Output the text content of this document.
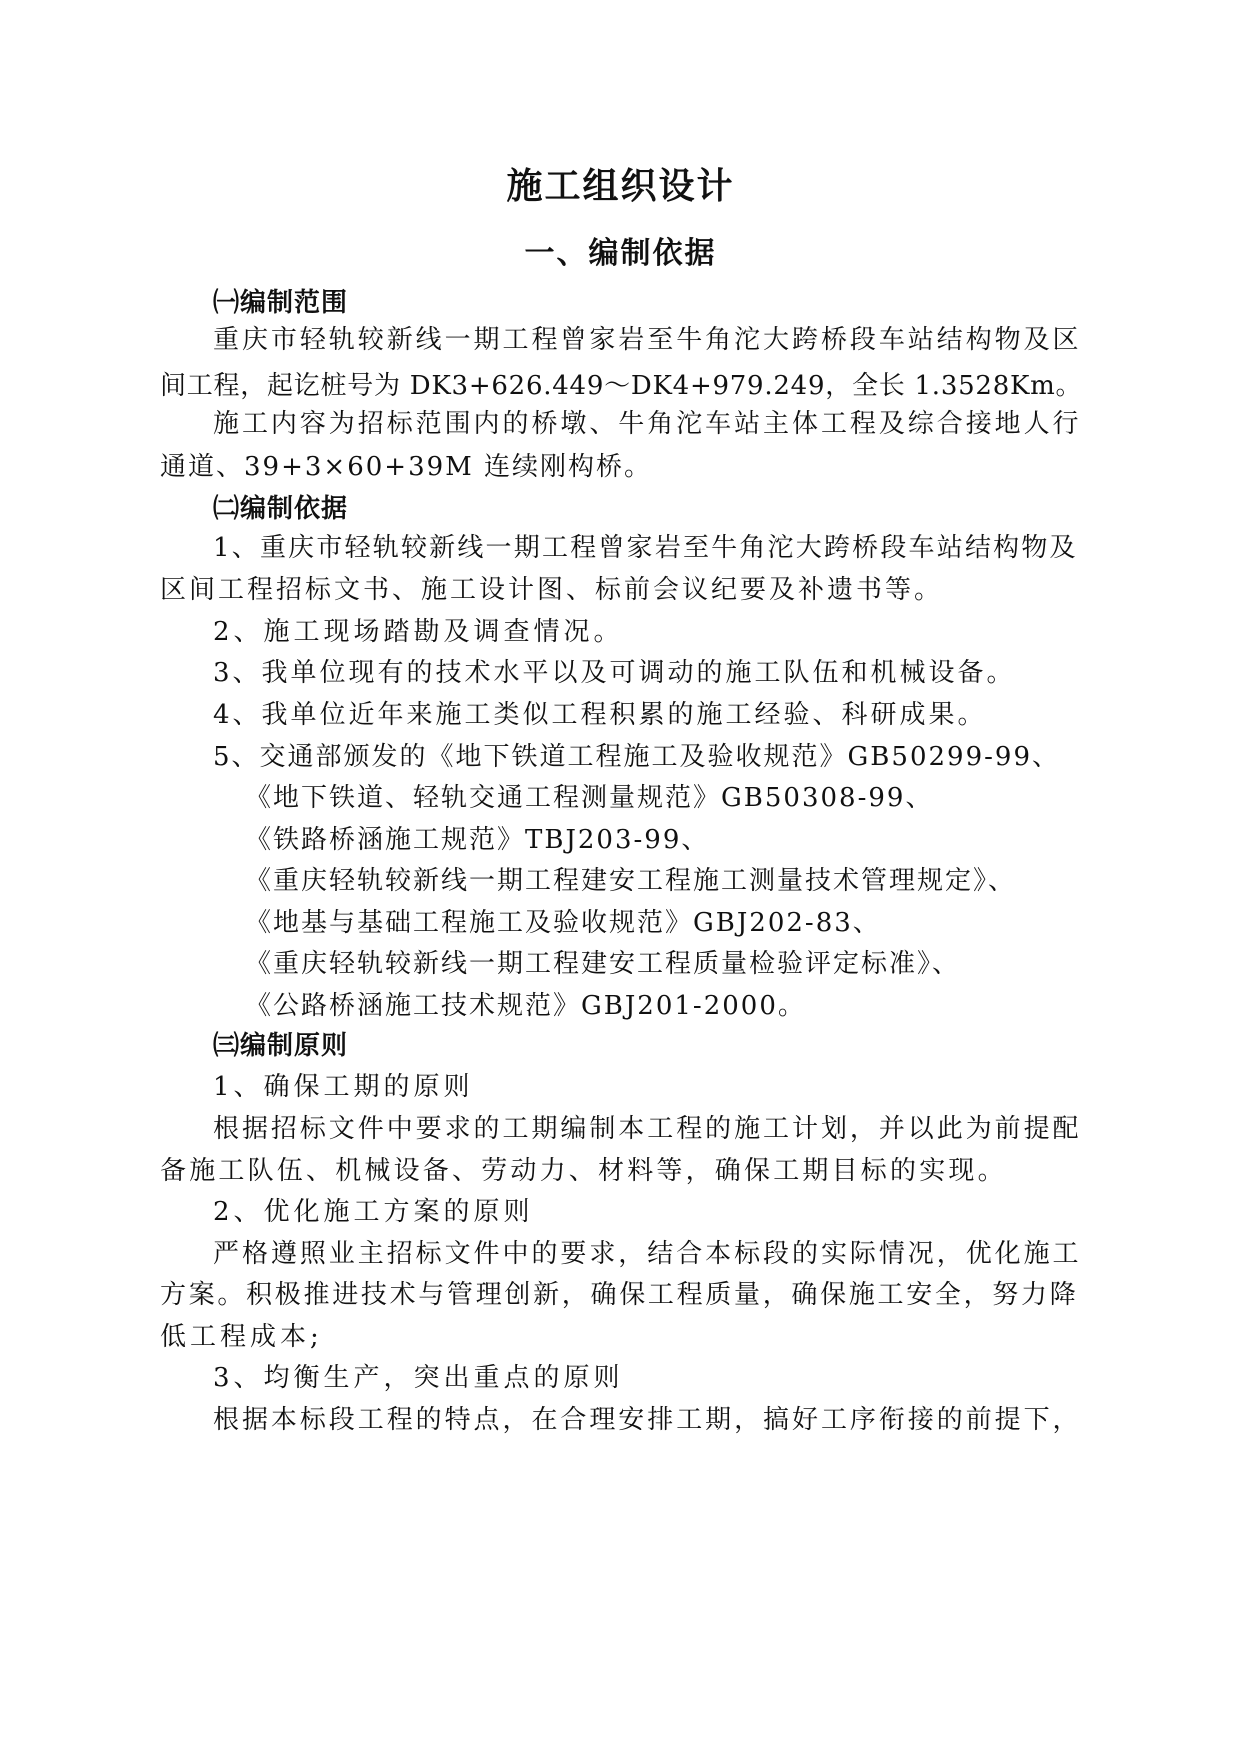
施工组织设计
一、编制依据
㈠编制范围
重庆市轻轨较新线一期工程曾家岩至牛角沱大跨桥段车站结构物及区
间工程，起讫桩号为 DK3+626.449～DK4+979.249，全长 1.3528Km。
施工内容为招标范围内的桥墩、牛角沱车站主体工程及综合接地人行
通道、39+3×60+39M 连续刚构桥。
㈡编制依据
1、重庆市轻轨较新线一期工程曾家岩至牛角沱大跨桥段车站结构物及
区间工程招标文书、施工设计图、标前会议纪要及补遗书等。
2、施工现场踏勘及调查情况。
3、我单位现有的技术水平以及可调动的施工队伍和机械设备。
4、我单位近年来施工类似工程积累的施工经验、科研成果。
5、交通部颁发的《地下铁道工程施工及验收规范》GB50299-99、
《地下铁道、轻轨交通工程测量规范》GB50308-99、
《铁路桥涵施工规范》TBJ203-99、
《重庆轻轨较新线一期工程建安工程施工测量技术管理规定》、
《地基与基础工程施工及验收规范》GBJ202-83、
《重庆轻轨较新线一期工程建安工程质量检验评定标准》、
《公路桥涵施工技术规范》GBJ201-2000。
㈢编制原则
1、确保工期的原则
根据招标文件中要求的工期编制本工程的施工计划，并以此为前提配
备施工队伍、机械设备、劳动力、材料等，确保工期目标的实现。
2、优化施工方案的原则
严格遵照业主招标文件中的要求，结合本标段的实际情况，优化施工
方案。积极推进技术与管理创新，确保工程质量，确保施工安全，努力降
低工程成本;
3、均衡生产，突出重点的原则
根据本标段工程的特点，在合理安排工期，搞好工序衔接的前提下，
